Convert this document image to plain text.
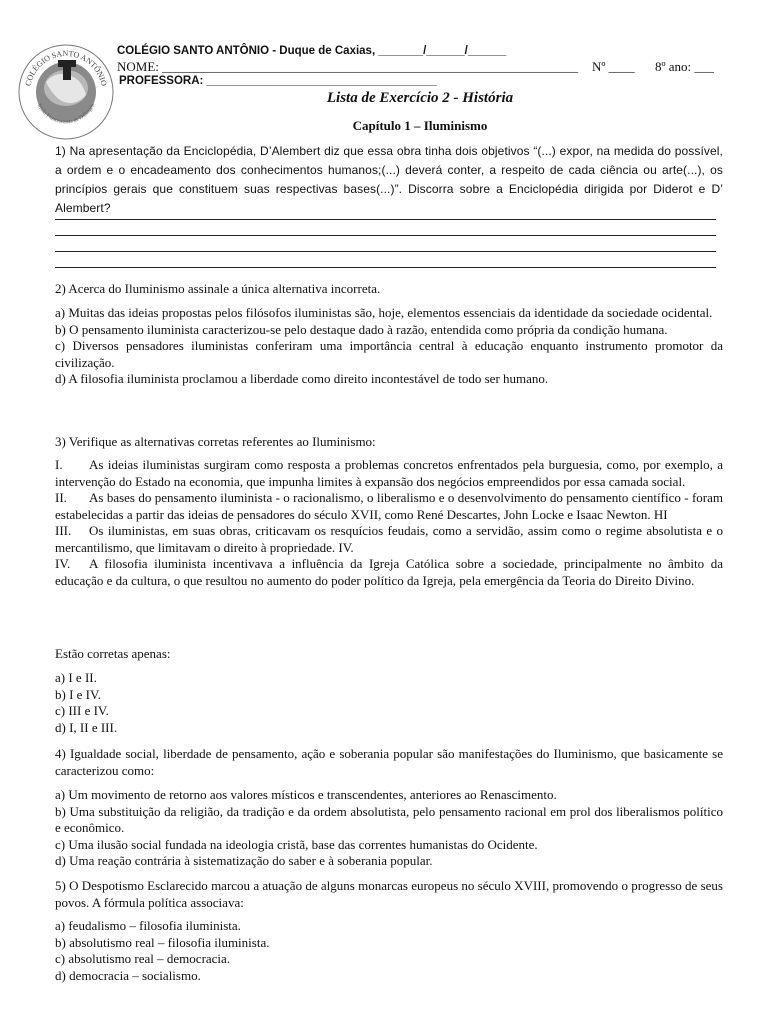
COLÉGIO SANTO ANTÔNIO
Irmãs Franciscanas de Dillingen
COLÉGIO SANTO ANTÔNIO - Duque de Caxias, _______/______/______
NOME: ________________________________________________________________ Nº ____ 8º ano: ___
PROFESSORA: ____________________________________
Lista de Exercício 2 - História
Capítulo 1 – Iluminismo

1) Na apresentação da Enciclopédia, D’Alembert diz que essa obra tinha dois objetivos “(...) expor, na medida do possível, a ordem e o encadeamento dos conhecimentos humanos;(...) deverá conter, a respeito de cada ciência ou arte(...), os princípios gerais que constituem suas respectivas bases(...)”. Discorra sobre a Enciclopédia dirigida por Diderot e D’ Alembert?

2) Acerca do Iluminismo assinale a única alternativa incorreta.

a) Muitas das ideias propostas pelos filósofos iluministas são, hoje, elementos essenciais da identidade da sociedade ocidental.

b) O pensamento iluminista caracterizou-se pelo destaque dado à razão, entendida como própria da condição humana.

c) Diversos pensadores iluministas conferiram uma importância central à educação enquanto instrumento promotor da civilização.

d) A filosofia iluminista proclamou a liberdade como direito incontestável de todo ser humano.

3) Verifique as alternativas corretas referentes ao Iluminismo:

I. As ideias iluministas surgiram como resposta a problemas concretos enfrentados pela burguesia, como, por exemplo, a intervenção do Estado na economia, que impunha limites à expansão dos negócios empreendidos por essa camada social.

II. As bases do pensamento iluminista - o racionalismo, o liberalismo e o desenvolvimento do pensamento científico - foram estabelecidas a partir das ideias de pensadores do século XVII, como René Descartes, John Locke e Isaac Newton. HI

III. Os iluministas, em suas obras, criticavam os resquícios feudais, como a servidão, assim como o regime absolutista e o mercantilismo, que limitavam o direito à propriedade. IV.

IV. A filosofia iluminista incentivava a influência da Igreja Católica sobre a sociedade, principalmente no âmbito da educação e da cultura, o que resultou no aumento do poder político da Igreja, pela emergência da Teoria do Direito Divino.

Estão corretas apenas:

a) I e II.

b) I e IV.

c) III e IV.

d) I, II e III.

4) Igualdade social, liberdade de pensamento, ação e soberania popular são manifestações do Iluminismo, que basicamente se caracterizou como:

a) Um movimento de retorno aos valores místicos e transcendentes, anteriores ao Renascimento.

b) Uma substituição da religião, da tradição e da ordem absolutista, pelo pensamento racional em prol dos liberalismos político e econômico.

c) Uma ilusão social fundada na ideologia cristã, base das correntes humanistas do Ocidente.

d) Uma reação contrária à sistematização do saber e à soberania popular.

5) O Despotismo Esclarecido marcou a atuação de alguns monarcas europeus no século XVIII, promovendo o progresso de seus povos. A fórmula política associava:

a) feudalismo – filosofia iluminista.

b) absolutismo real – filosofia iluminista.

c) absolutismo real – democracia.

d) democracia – socialismo.
